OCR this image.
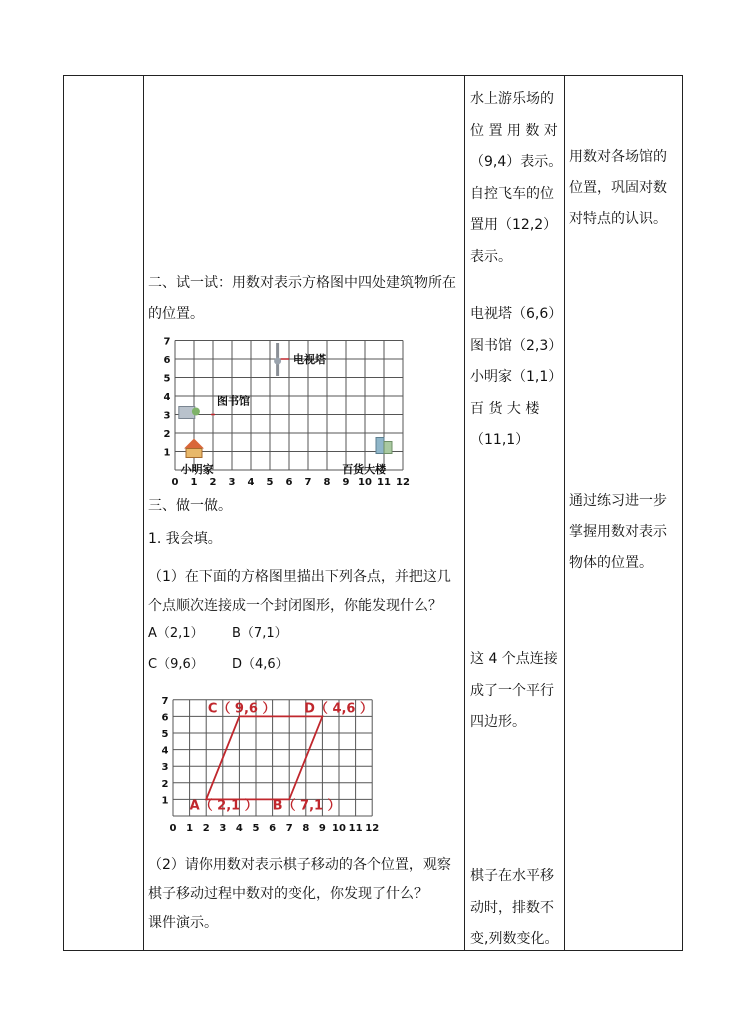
水上游乐场的
位 置 用 数 对
（9,4）表示。
自控飞车的位
置用（12,2）
表示。
电视塔（6,6）
图书馆（2,3）
小明家（1,1）
百 货 大 楼
（11,1）
这 4 个点连接
成了一个平行
四边形。
棋子在水平移
动时，排数不
变,列数变化。
用数对各场馆的
位置，巩固对数
对特点的认识。
通过练习进一步
掌握用数对表示
物体的位置。
二、试一试：用数对表示方格图中四处建筑物所在
的位置。
三、做一做。
1. 我会填。
（1）在下面的方格图里描出下列各点，并把这几
个点顺次连接成一个封闭图形，你能发现什么？
A（2,1） B（7,1）
C（9,6） D（4,6）
（2）请你用数对表示棋子移动的各个位置，观察
棋子移动过程中数对的变化，你发现了什么？
课件演示。
0 1 2 3 4 5 6 7 8 9 10 11 12
1
2
3
4
5
6
7
电视塔
图书馆
小明家	百货大楼
0 1 2 3 4 5 6 7 8 9 10 11 12
1
2
3
4
5
6
7
A（ 2,1 ） B（ 7,1 ）
C（ 9,6 ） D（ 4,6 ）
